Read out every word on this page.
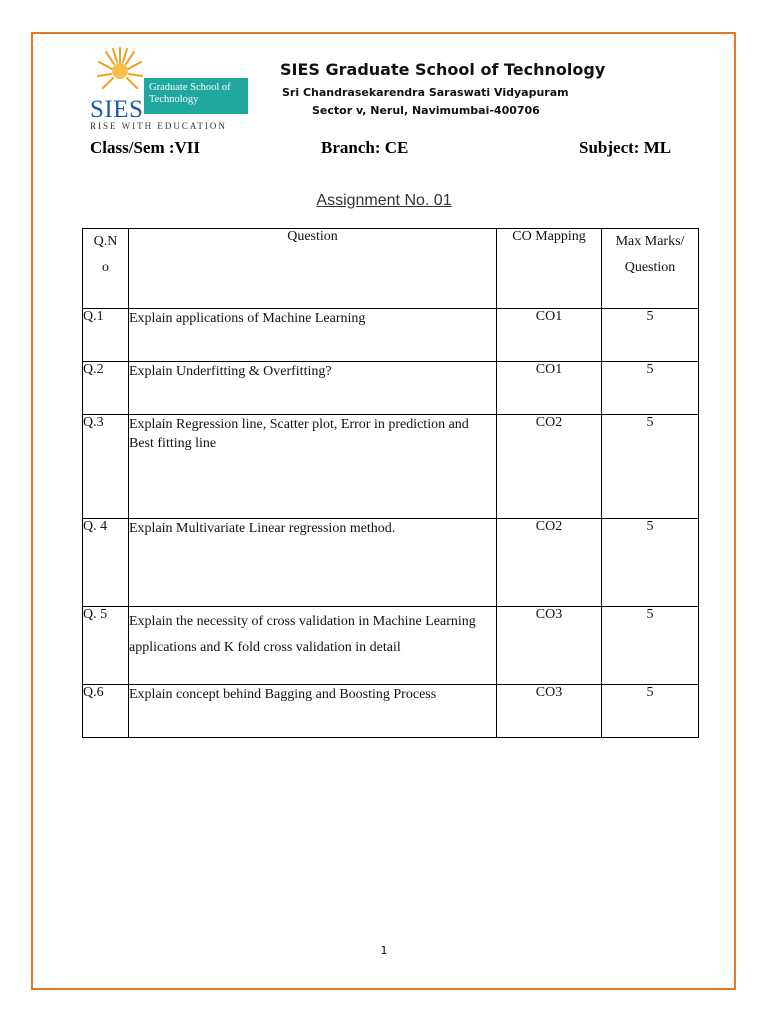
SIES
Graduate School of Technology
RISE WITH EDUCATION
SIES Graduate School of Technology
Sri Chandrasekarendra Saraswati Vidyapuram
Sector v, Nerul, Navimumbai-400706
Class/Sem :VII	Branch: CE	Subject: ML
Assignment No. 01
Q.N
o	Question	CO Mapping	Max Marks/
Question
Q.1	Explain applications of Machine Learning	CO1	5
Q.2	Explain Underfitting & Overfitting?	CO1	5
Q.3	Explain Regression line, Scatter plot, Error in prediction and Best fitting line	CO2	5
Q. 4	Explain Multivariate Linear regression method.	CO2	5
Q. 5	Explain the necessity of cross validation in Machine Learning applications and K fold cross validation in detail	CO3	5
Q.6	Explain concept behind Bagging and Boosting Process	CO3	5
1
